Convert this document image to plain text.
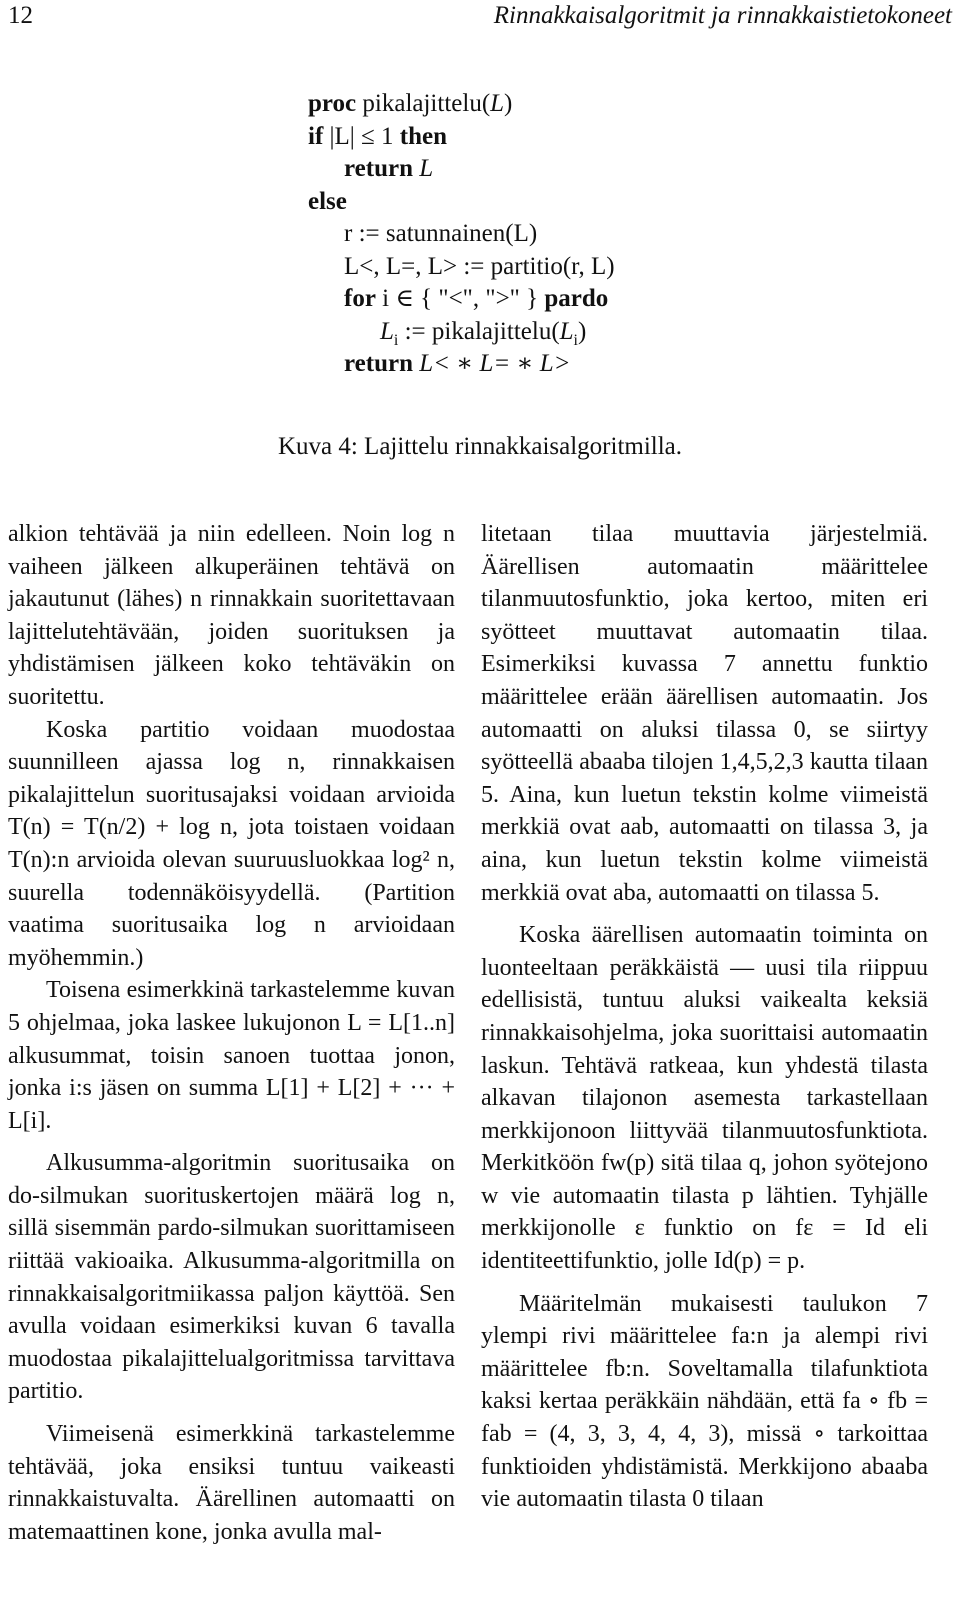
12	Rinnakkaisalgoritmit ja rinnakkaistietokoneet
proc pikalajittelu(L)
if |L| ≤ 1 then
return L
else
r := satunnainen(L)
L<, L=, L> := partitio(r, L)
for i ∈ { "<", ">" } pardo
$L_i$ := $pikalajittelu(L_i)$
return L< ∗ L= ∗ L>
Kuva 4: Lajittelu rinnakkaisalgoritmilla.

alkion tehtävää ja niin edelleen. Noin log n vaiheen jälkeen alkuperäinen tehtävä on jakautunut (lähes) n rinnakkain suoritettavaan lajittelutehtävään, joiden suorituksen ja yhdistämisen jälkeen koko tehtäväkin on suoritettu.

Koska partitio voidaan muodostaa suunnilleen ajassa log n, rinnakkaisen pikalajittelun suoritusajaksi voidaan arvioida T(n) = T(n/2) + log n, jota toistaen voidaan T(n):n arvioida olevan suuruusluokkaa log² n, suurella todennäköisyydellä. (Partition vaatima suoritusaika log n arvioidaan myöhemmin.)

Toisena esimerkkinä tarkastelemme kuvan 5 ohjelmaa, joka laskee lukujonon L = L[1..n] alkusummat, toisin sanoen tuottaa jonon, jonka i:s jäsen on summa L[1] + L[2] + ··· + L[i].

Alkusumma-algoritmin suoritusaika on do-silmukan suorituskertojen määrä log n, sillä sisemmän pardo-silmukan suorittamiseen riittää vakioaika. Alkusumma-algoritmilla on rinnakkaisalgoritmiikassa paljon käyttöä. Sen avulla voidaan esimerkiksi kuvan 6 tavalla muodostaa pikalajittelualgoritmissa tarvittava partitio.

Viimeisenä esimerkkinä tarkastelemme tehtävää, joka ensiksi tuntuu vaikeasti rinnakkaistuvalta. Äärellinen automaatti on matemaattinen kone, jonka avulla mal-

litetaan tilaa muuttavia järjestelmiä. Äärellisen automaatin määrittelee tilanmuutosfunktio, joka kertoo, miten eri syötteet muuttavat automaatin tilaa. Esimerkiksi kuvassa 7 annettu funktio määrittelee erään äärellisen automaatin. Jos automaatti on aluksi tilassa 0, se siirtyy syötteellä abaaba tilojen 1,4,5,2,3 kautta tilaan 5. Aina, kun luetun tekstin kolme viimeistä merkkiä ovat aab, automaatti on tilassa 3, ja aina, kun luetun tekstin kolme viimeistä merkkiä ovat aba, automaatti on tilassa 5.

Koska äärellisen automaatin toiminta on luonteeltaan peräkkäistä — uusi tila riippuu edellisistä, tuntuu aluksi vaikealta keksiä rinnakkaisohjelma, joka suorittaisi automaatin laskun. Tehtävä ratkeaa, kun yhdestä tilasta alkavan tilajonon asemesta tarkastellaan merkkijonoon liittyvää tilanmuutosfunktiota. Merkitköön fw(p) sitä tilaa q, johon syötejono w vie automaatin tilasta p lähtien. Tyhjälle merkkijonolle ε funktio on fε = Id eli identiteettifunktio, jolle Id(p) = p.

Määritelmän mukaisesti taulukon 7 ylempi rivi määrittelee fa:n ja alempi rivi määrittelee fb:n. Soveltamalla tilafunktiota kaksi kertaa peräkkäin nähdään, että fa ∘ fb = fab = (4, 3, 3, 4, 4, 3), missä ∘ tarkoittaa funktioiden yhdistämistä. Merkkijono abaaba vie automaatin tilasta 0 tilaan
